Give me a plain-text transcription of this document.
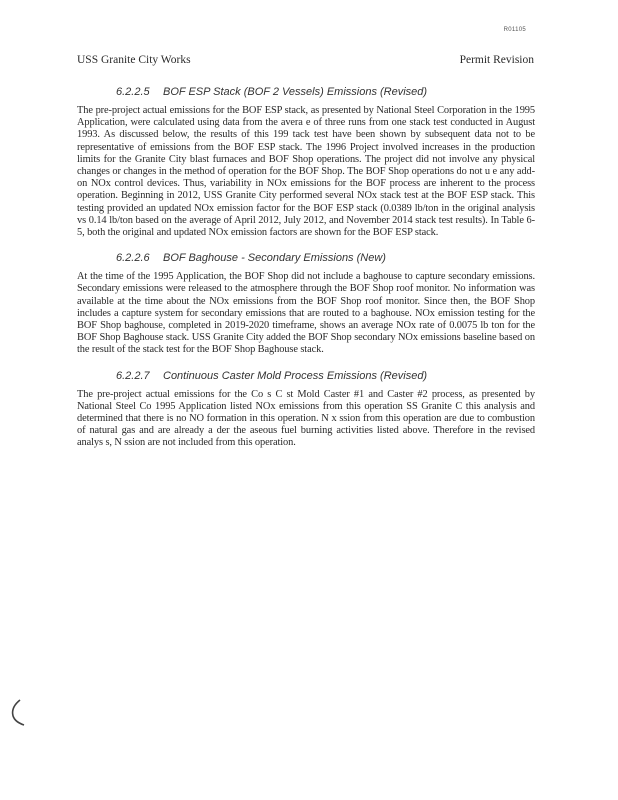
R01105
USS Granite City Works	Permit Revision
6.2.2.5 BOF ESP Stack (BOF 2 Vessels) Emissions (Revised)

The pre-project actual emissions for the BOF ESP stack, as presented by National Steel Corporation in the 1995 Application, were calculated using data from the avera e of three runs from one stack test conducted in August 1993. As discussed below, the results of this 199 tack test have been shown by subsequent data not to be representative of emissions from the BOF ESP stack. The 1996 Project involved increases in the production limits for the Granite City blast furnaces and BOF Shop operations. The project did not involve any physical changes or changes in the method of operation for the BOF Shop. The BOF Shop operations do not u e any add-on NOx control devices. Thus, variability in NOx emissions for the BOF process are inherent to the process operation. Beginning in 2012, USS Granite City performed several NOx stack test at the BOF ESP stack. This testing provided an updated NOx emission factor for the BOF ESP stack (0.0389 lb/ton in the original analysis vs 0.14 lb/ton based on the average of April 2012, July 2012, and November 2014 stack test results). In Table 6-5, both the original and updated NOx emission factors are shown for the BOF ESP stack.

6.2.2.6 BOF Baghouse - Secondary Emissions (New)

At the time of the 1995 Application, the BOF Shop did not include a baghouse to capture secondary emissions. Secondary emissions were released to the atmosphere through the BOF Shop roof monitor. No information was available at the time about the NOx emissions from the BOF Shop roof monitor. Since then, the BOF Shop includes a capture system for secondary emissions that are routed to a baghouse. NOx emission testing for the BOF Shop baghouse, completed in 2019-2020 timeframe, shows an average NOx rate of 0.0075 lb ton for the BOF Shop Baghouse stack. USS Granite City added the BOF Shop secondary NOx emissions baseline based on the result of the stack test for the BOF Shop Baghouse stack.

6.2.2.7 Continuous Caster Mold Process Emissions (Revised)

The pre-project actual emissions for the Co s C st Mold Caster #1 and Caster #2 process, as presented by National Steel Co 1995 Application listed NOx emissions from this operation SS Granite C this analysis and determined that there is no NO formation in this operation. N x ssion from this operation are due to combustion of natural gas and are already a der the aseous fuel burning activities listed above. Therefore in the revised analys s, N ssion are not included from this operation.
